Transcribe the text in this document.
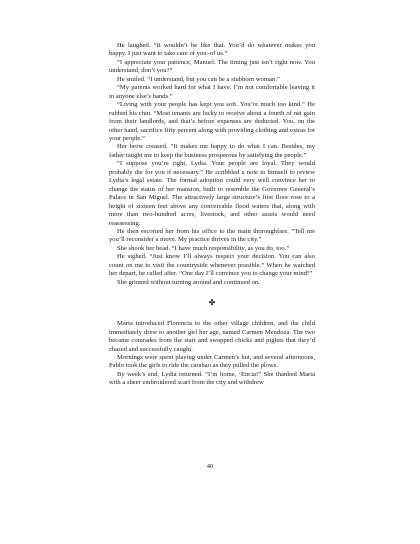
He laughed. “It wouldn’t be like that. You’d do whatever makes you happy. I just want to take care of you–of us.”

“I appreciate your patience, Manuel. The timing just isn’t right now. You understand, don’t you?”

He smiled. “I understand, but you can be a stubborn woman.”

“My parents worked hard for what I have. I’m not comfortable leaving it in anyone else’s hands.”

“Living with your people has kept you soft. You’re much too kind.” He rubbed his chin. “Most tenants are lucky to receive about a fourth of net gain from their landlords, and that’s before expenses are deducted. You, on the other hand, sacrifice fifty percent along with providing clothing and extras for your people.”

Her brow creased. “It makes me happy to do what I can. Besides, my father taught me to keep the business prosperous by satisfying the people.”

“I suppose you’re right, Lydia. Your people are loyal. They would probably die for you if necessary.” He scribbled a note to himself to review Lydia’s legal estate. The formal adoption could very well convince her to change the status of her mansion, built to resemble the Governor General’s Palace in San Miguel. The attractively large structure’s first floor rose to a height of sixteen feet above any conceivable flood waters that, along with more than two-hundred acres, livestock, and other assets would need reassessing.

He then escorted her from his office to the main thoroughfare. “Tell me you’ll reconsider a move. My practice thrives in the city.”

She shook her head. “I have much responsibility, as you do, too.”

He sighed. “Just know I’ll always respect your decision. You can also count on me to visit the countryside whenever possible.” When he watched her depart, he called after. “One day I’ll convince you to change your mind!”

She grinned without turning around and continued on.

✤

Maria introduced Florencia to the other village children, and the child immediately drew to another girl her age, named Carmen Mendoza. The two became comrades from the start and swapped chicks and piglets that they’d chased and successfully caught.

Mornings were spent playing under Carmen’s hut, and several afternoons, Pablo took the girls to ride the carabao as they pulled the plows.

By week’s end, Lydia returned. “I’m home, ‘Encia!” She thanked Maria with a sheer embroidered scarf from the city and withdrew

40
